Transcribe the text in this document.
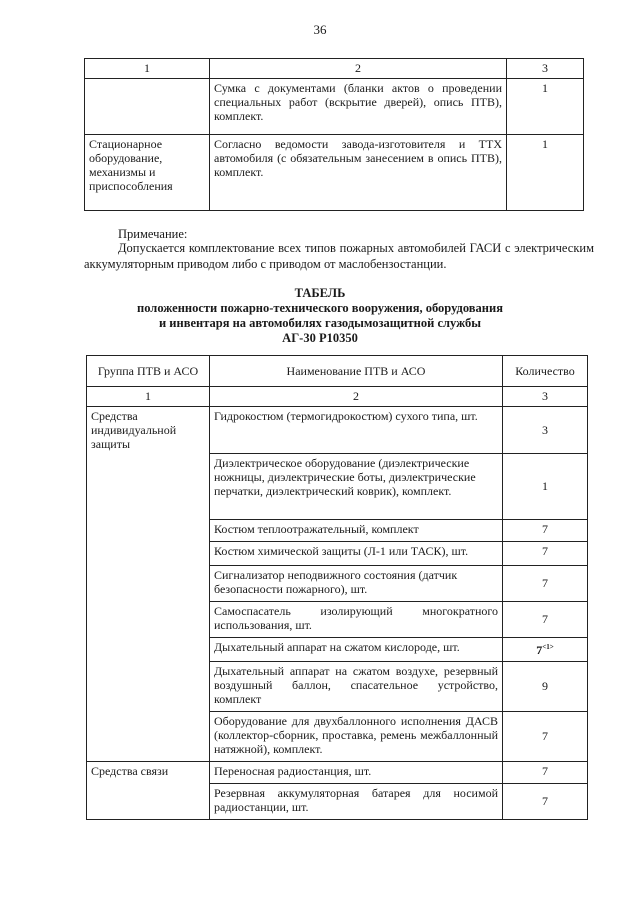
36
1	2	3
	Сумка с документами (бланки актов о проведении специальных работ (вскрытие дверей), опись ПТВ), комплект.	1
Стационарное оборудование, механизмы и приспособления	Согласно ведомости завода-изготовителя и ТТХ автомобиля (с обязательным занесением в опись ПТВ), комплект.	1
Примечание:
Допускается комплектование всех типов пожарных автомобилей ГАСИ с электрическим аккумуляторным приводом либо с приводом от маслобензостанции.
ТАБЕЛЬ
положенности пожарно-технического вооружения, оборудования
и инвентаря на автомобилях газодымозащитной службы
АГ-30 Р10350
Группа ПТВ и АСО	Наименование ПТВ и АСО	Количество
1	2	3
Средства индивидуальной защиты	Гидрокостюм (термогидрокостюм) сухого типа, шт.	3
	Диэлектрическое оборудование (диэлектрические ножницы, диэлектрические боты, диэлектрические перчатки, диэлектрический коврик), комплект.	1
	Костюм теплоотражательный, комплект	7
	Костюм химической защиты (Л-1 или ТАСК), шт.	7
	Сигнализатор неподвижного состояния (датчик безопасности пожарного), шт.	7
	Самоспасатель изолирующий многократного использования, шт.	7
	Дыхательный аппарат на сжатом кислороде, шт.	$7^{<1>}$
	Дыхательный аппарат на сжатом воздухе, резервный воздушный баллон, спасательное устройство, комплект	9
	Оборудование для двухбаллонного исполнения ДАСВ (коллектор-сборник, проставка, ремень межбаллонный натяжной), комплект.	7
Средства связи	Переносная радиостанция, шт.	7
	Резервная аккумуляторная батарея для носимой радиостанции, шт.	7
